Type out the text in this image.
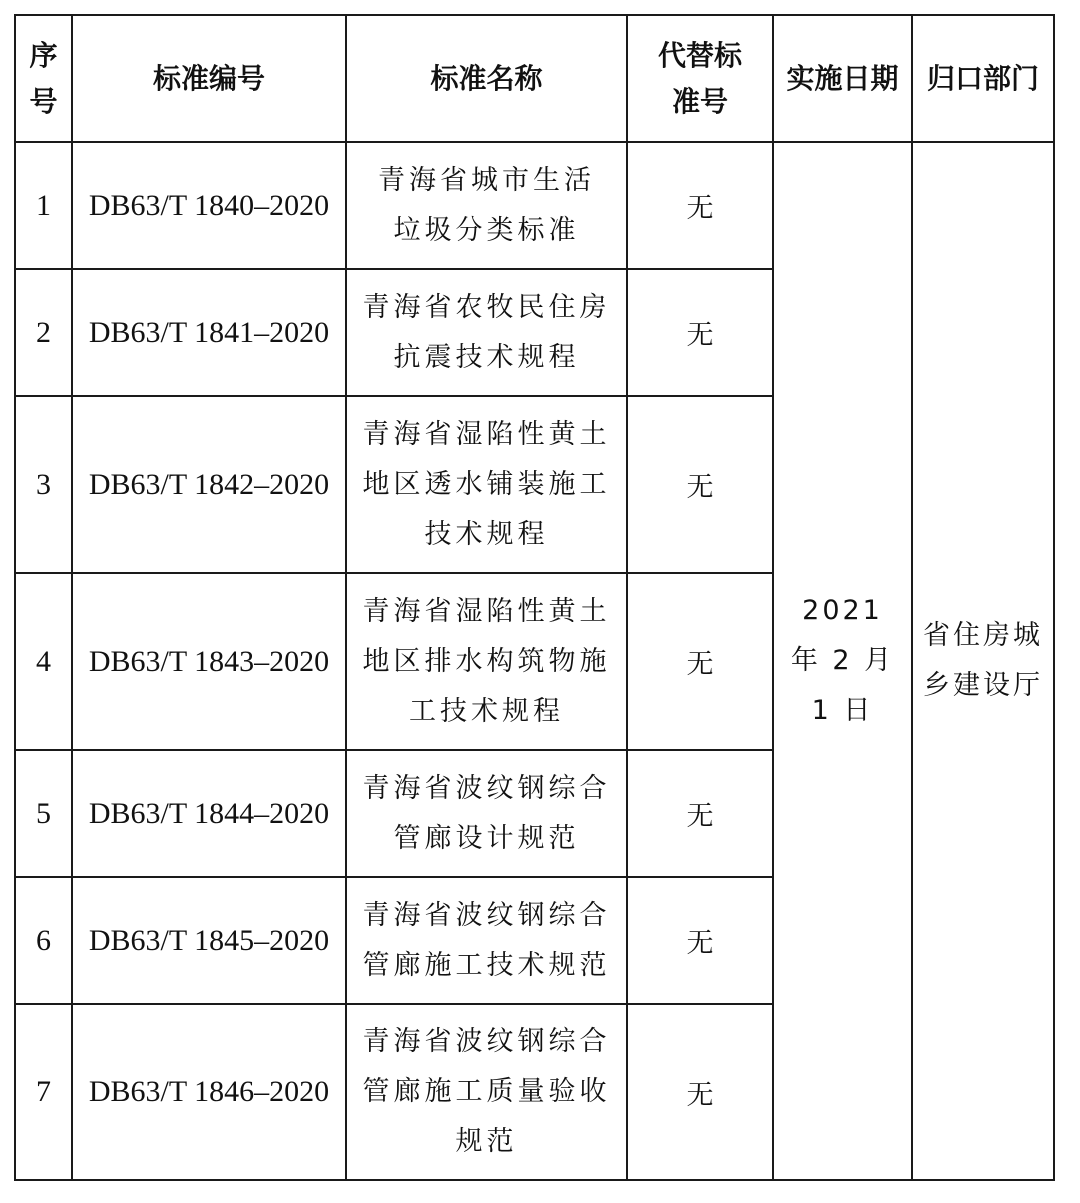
序号	标准编号	标准名称	代替标准号	实施日期	归口部门
1	DB63/T 1840–2020	青海省城市生活垃圾分类标准	无	2021 年 2 月 1 日	省住房城乡建设厅
2	DB63/T 1841–2020	青海省农牧民住房抗震技术规程	无		
3	DB63/T 1842–2020	青海省湿陷性黄土地区透水铺装施工技术规程	无		
4	DB63/T 1843–2020	青海省湿陷性黄土地区排水构筑物施工技术规程	无		
5	DB63/T 1844–2020	青海省波纹钢综合管廊设计规范	无		
6	DB63/T 1845–2020	青海省波纹钢综合管廊施工技术规范	无		
7	DB63/T 1846–2020	青海省波纹钢综合管廊施工质量验收规范	无		
